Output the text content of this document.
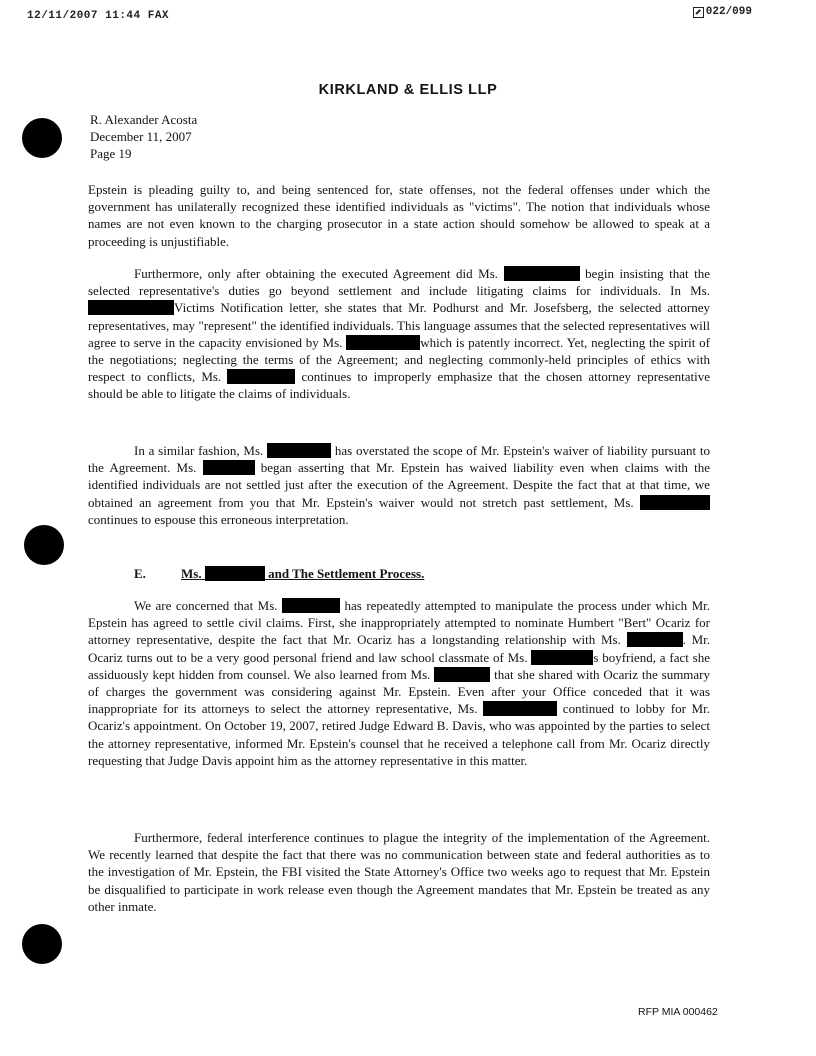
12/11/2007 11:44 FAX	022/099
KIRKLAND & ELLIS LLP
R. Alexander Acosta
December 11, 2007
Page 19
Epstein is pleading guilty to, and being sentenced for, state offenses, not the federal offenses under which the government has unilaterally recognized these identified individuals as "victims". The notion that individuals whose names are not even known to the charging prosecutor in a state action should somehow be allowed to speak at a proceeding is unjustifiable.
Furthermore, only after obtaining the executed Agreement did Ms.	begin insisting that the selected representative's duties go beyond settlement and include litigating claims for individuals. In Ms. Victims Notification letter, she states that Mr. Podhurst and Mr. Josefsberg, the selected attorney representatives, may "represent" the identified individuals. This language assumes that the selected representatives will agree to serve in the capacity envisioned by Ms.	which is patently incorrect. Yet, neglecting the spirit of the negotiations; neglecting the terms of the Agreement; and neglecting commonly-held principles of ethics with respect to conflicts, Ms.	continues to improperly emphasize that the chosen attorney representative should be able to litigate the claims of individuals.
In a similar fashion, Ms.	has overstated the scope of Mr. Epstein's waiver of liability pursuant to the Agreement. Ms.	began asserting that Mr. Epstein has waived liability even when claims with the identified individuals are not settled just after the execution of the Agreement. Despite the fact that at that time, we obtained an agreement from you that Mr. Epstein's waiver would not stretch past settlement, Ms.  continues to espouse this erroneous interpretation.
E.	Ms.	and The Settlement Process.
We are concerned that Ms.	has repeatedly attempted to manipulate the process under which Mr. Epstein has agreed to settle civil claims. First, she inappropriately attempted to nominate Humbert "Bert" Ocariz for attorney representative, despite the fact that Mr. Ocariz has a longstanding relationship with Ms.	. Mr. Ocariz turns out to be a very good personal friend and law school classmate of Ms.	s boyfriend, a fact she assiduously kept hidden from counsel. We also learned from Ms.	that she shared with Ocariz the summary of charges the government was considering against Mr. Epstein. Even after your Office conceded that it was inappropriate for its attorneys to select the attorney representative, Ms.	continued to lobby for Mr. Ocariz's appointment. On October 19, 2007, retired Judge Edward B. Davis, who was appointed by the parties to select the attorney representative, informed Mr. Epstein's counsel that he received a telephone call from Mr. Ocariz directly requesting that Judge Davis appoint him as the attorney representative in this matter.
Furthermore, federal interference continues to plague the integrity of the implementation of the Agreement. We recently learned that despite the fact that there was no communication between state and federal authorities as to the investigation of Mr. Epstein, the FBI visited the State Attorney's Office two weeks ago to request that Mr. Epstein be disqualified to participate in work release even though the Agreement mandates that Mr. Epstein be treated as any other inmate.
RFP MIA 000462
